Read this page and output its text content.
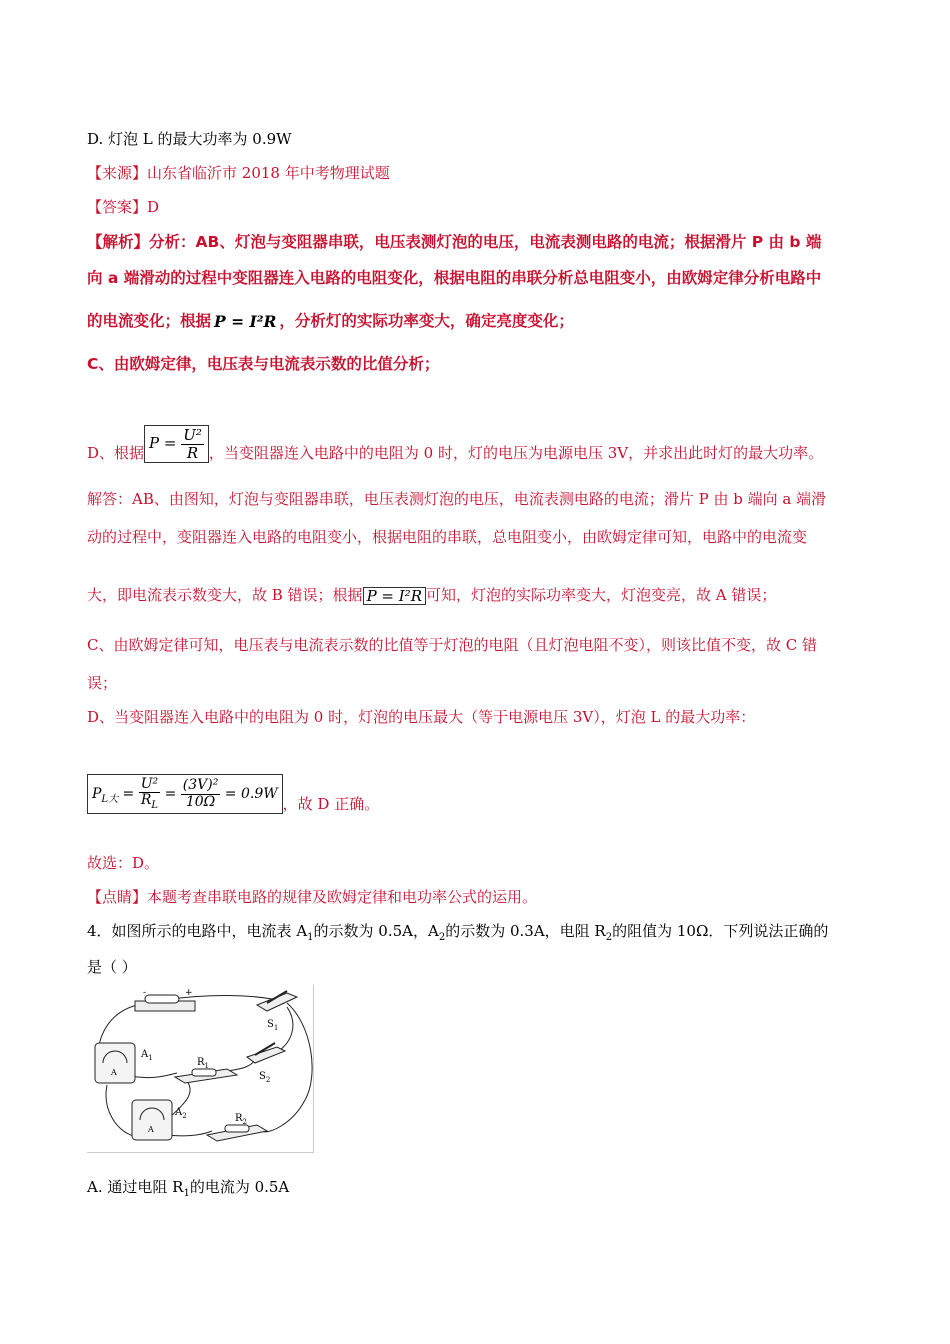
D. 灯泡 L 的最大功率为 0.9W
【来源】山东省临沂市 2018 年中考物理试题
【答案】D
【解析】分析：AB、灯泡与变阻器串联，电压表测灯泡的电压，电流表测电路的电流；根据滑片 P 由 b 端
向 a 端滑动的过程中变阻器连入电路的电阻变化，根据电阻的串联分析总电阻变小，由欧姆定律分析电路中
的电流变化；根据 P = I²R ，分析灯的实际功率变大，确定亮度变化；
C、由欧姆定律，电压表与电流表示数的比值分析；
D、根据$P = \frac{\text{U²}}{R}$ ，当变阻器连入电路中的电阻为 0 时，灯的电压为电源电压 3V，并求出此时灯的最大功率。
解答：AB、由图知，灯泡与变阻器串联，电压表测灯泡的电压，电流表测电路的电流；滑片 P 由 b 端向 a 端滑
动的过程中，变阻器连入电路的电阻变小，根据电阻的串联，总电阻变小，由欧姆定律可知，电路中的电流变
大，即电流表示数变大，故 B 错误；根据 P = I²R 可知，灯泡的实际功率变大，灯泡变亮，故 A 错误；
C、由欧姆定律可知，电压表与电流表示数的比值等于灯泡的电阻（且灯泡电阻不变），则该比值不变，故 C 错
误；
D、当变阻器连入电路中的电阻为 0 时，灯泡的电压最大（等于电源电压 3V），灯泡 L 的最大功率：
$P_{L大} = \frac{\text{U²}}{R_L} = \frac{\text{(3V)²}}{10\Omega} = 0.9W$，故 D 正确。
故选：D。
【点睛】本题考查串联电路的规律及欧姆定律和电功率公式的运用。
4．如图所示的电路中，电流表 $A_1$的示数为 0.5A，$A_2$的示数为 0.3A，电阻 $R_2$的阻值为 10Ω．下列说法正确的
是（ ）
-	+
$S_1$
A
$A_1$	$R_1$
$S_2$
A
$A_2$	$R_2$
A. 通过电阻 $R_1$的电流为 0.5A
